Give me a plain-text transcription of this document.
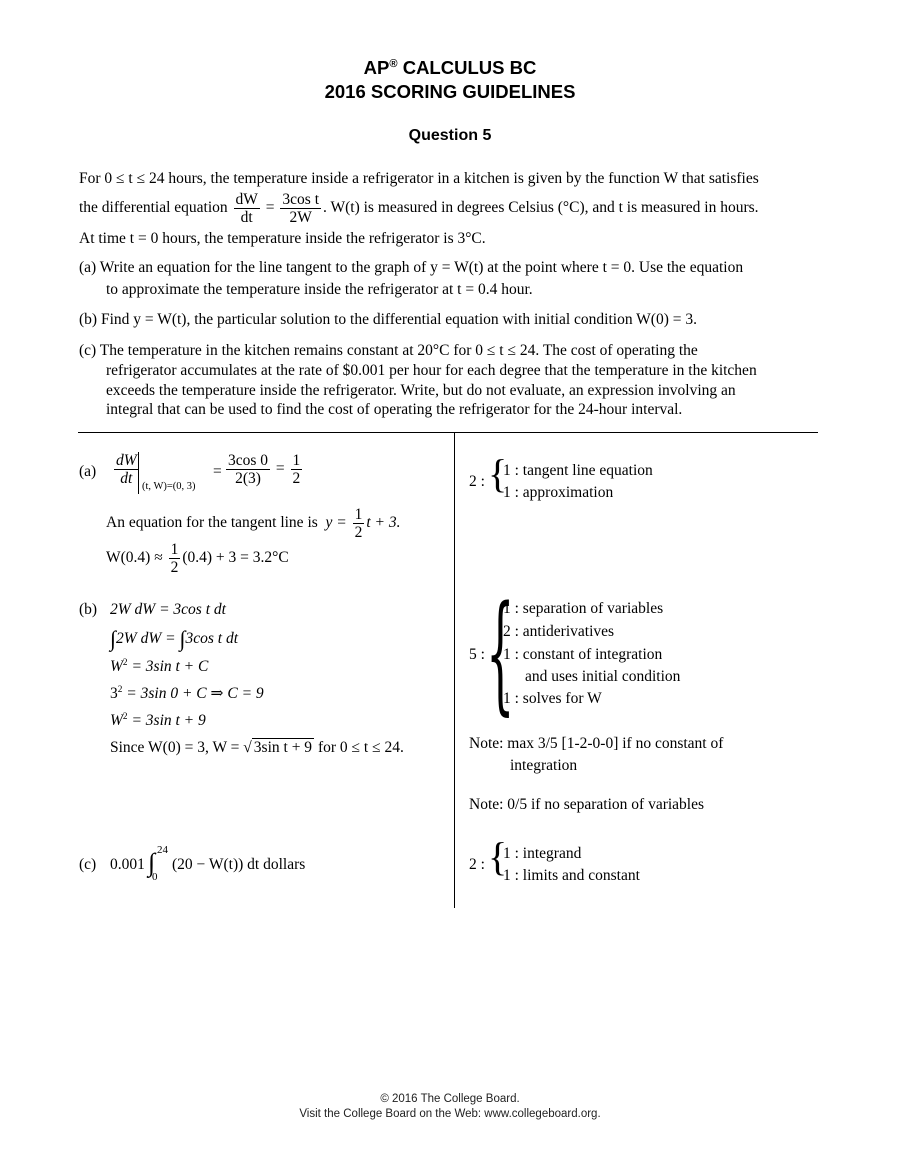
AP® CALCULUS BC
2016 SCORING GUIDELINES
Question 5
For 0 ≤ t ≤ 24 hours, the temperature inside a refrigerator in a kitchen is given by the function W that satisfies
the differential equation $\frac{dW}{dt} = \frac{\text{3cos t}}{2W}$ . W(t) is measured in degrees Celsius (°C), and t is measured in hours.
At time t = 0 hours, the temperature inside the refrigerator is 3°C.
(a) Write an equation for the line tangent to the graph of y = W(t) at the point where t = 0. Use the equation
to approximate the temperature inside the refrigerator at t = 0.4 hour.
(b) Find y = W(t), the particular solution to the differential equation with initial condition W(0) = 3.
(c) The temperature in the kitchen remains constant at 20°C for 0 ≤ t ≤ 24. The cost of operating the
refrigerator accumulates at the rate of $0.001 per hour for each degree that the temperature in the kitchen
exceeds the temperature inside the refrigerator. Write, but do not evaluate, an expression involving an
integral that can be used to find the cost of operating the refrigerator for the 24-hour interval.
$(a) \frac{dW}{dt} (t$, W)=(0, 3)
= $\frac{3\cos 0}{2(3)} = \frac{1}{2}$
An equation for the tangent line is $y = \frac{1}{2}$ t + 3.
$W(0.4) \approx \frac{1}{2} (0.4) + 3 = 3.2^\circ C$
2 : {
1 : tangent line equation
1 : approximation
(b) 2W dW = 3cos t dt
∫2W dW = ∫3cos t dt
$W^2 = 3\sin$ t + C
$3^2 = 3\sin$ 0 + C ⇒ C = 9
$W^2 = 3\sin$ t + 9
Since W(0) = 3, W = √ 3sin t + 9 for 0 ≤ t ≤ 24.
5 : {
1 : separation of variables
2 : antiderivatives
1 : constant of integration
and uses initial condition
1 : solves for W
Note: max 3/5 [1-2-0-0] if no constant of
integration
Note: 0/5 if no separation of variables
(c) 0.001 ∫ 24
0
(20 − W(t)) dt dollars	2 : {
1 : integrand
1 : limits and constant
© 2016 The College Board.
Visit the College Board on the Web: www.collegeboard.org.
